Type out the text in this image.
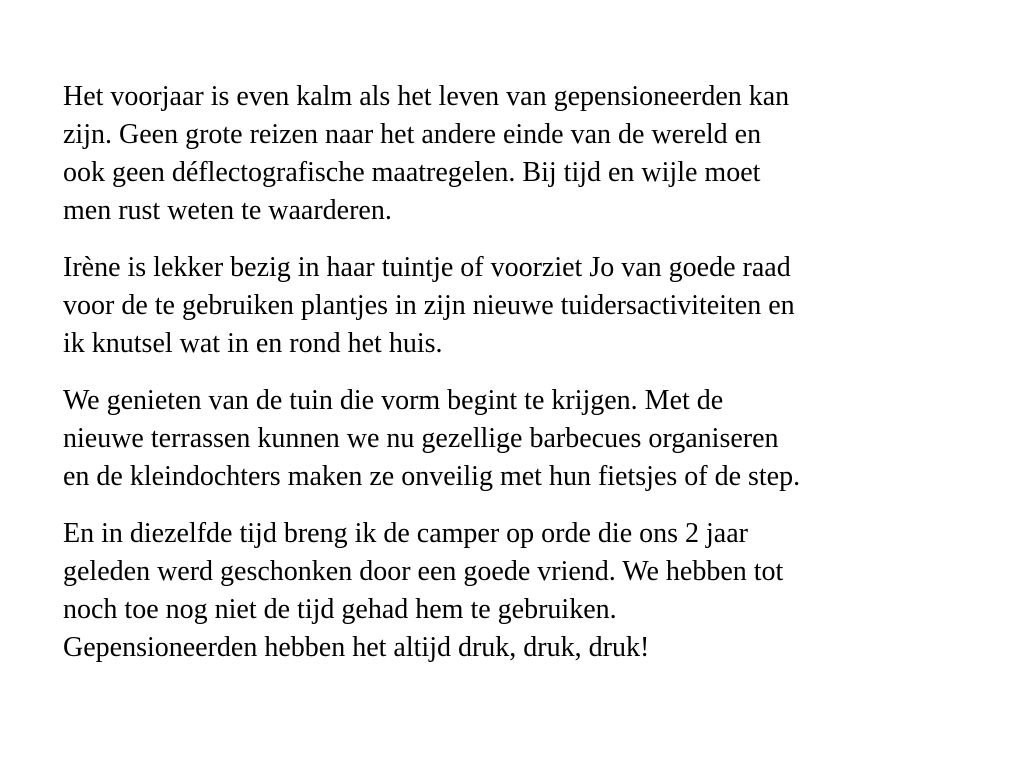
Het voorjaar is even kalm als het leven van gepensioneerden kan
zijn. Geen grote reizen naar het andere einde van de wereld en
ook geen déflectografische maatregelen. Bij tijd en wijle moet
men rust weten te waarderen.

Irène is lekker bezig in haar tuintje of voorziet Jo van goede raad
voor de te gebruiken plantjes in zijn nieuwe tuidersactiviteiten en
ik knutsel wat in en rond het huis.

We genieten van de tuin die vorm begint te krijgen. Met de
nieuwe terrassen kunnen we nu gezellige barbecues organiseren
en de kleindochters maken ze onveilig met hun fietsjes of de step.

En in diezelfde tijd breng ik de camper op orde die ons 2 jaar
geleden werd geschonken door een goede vriend. We hebben tot
noch toe nog niet de tijd gehad hem te gebruiken.
Gepensioneerden hebben het altijd druk, druk, druk!
